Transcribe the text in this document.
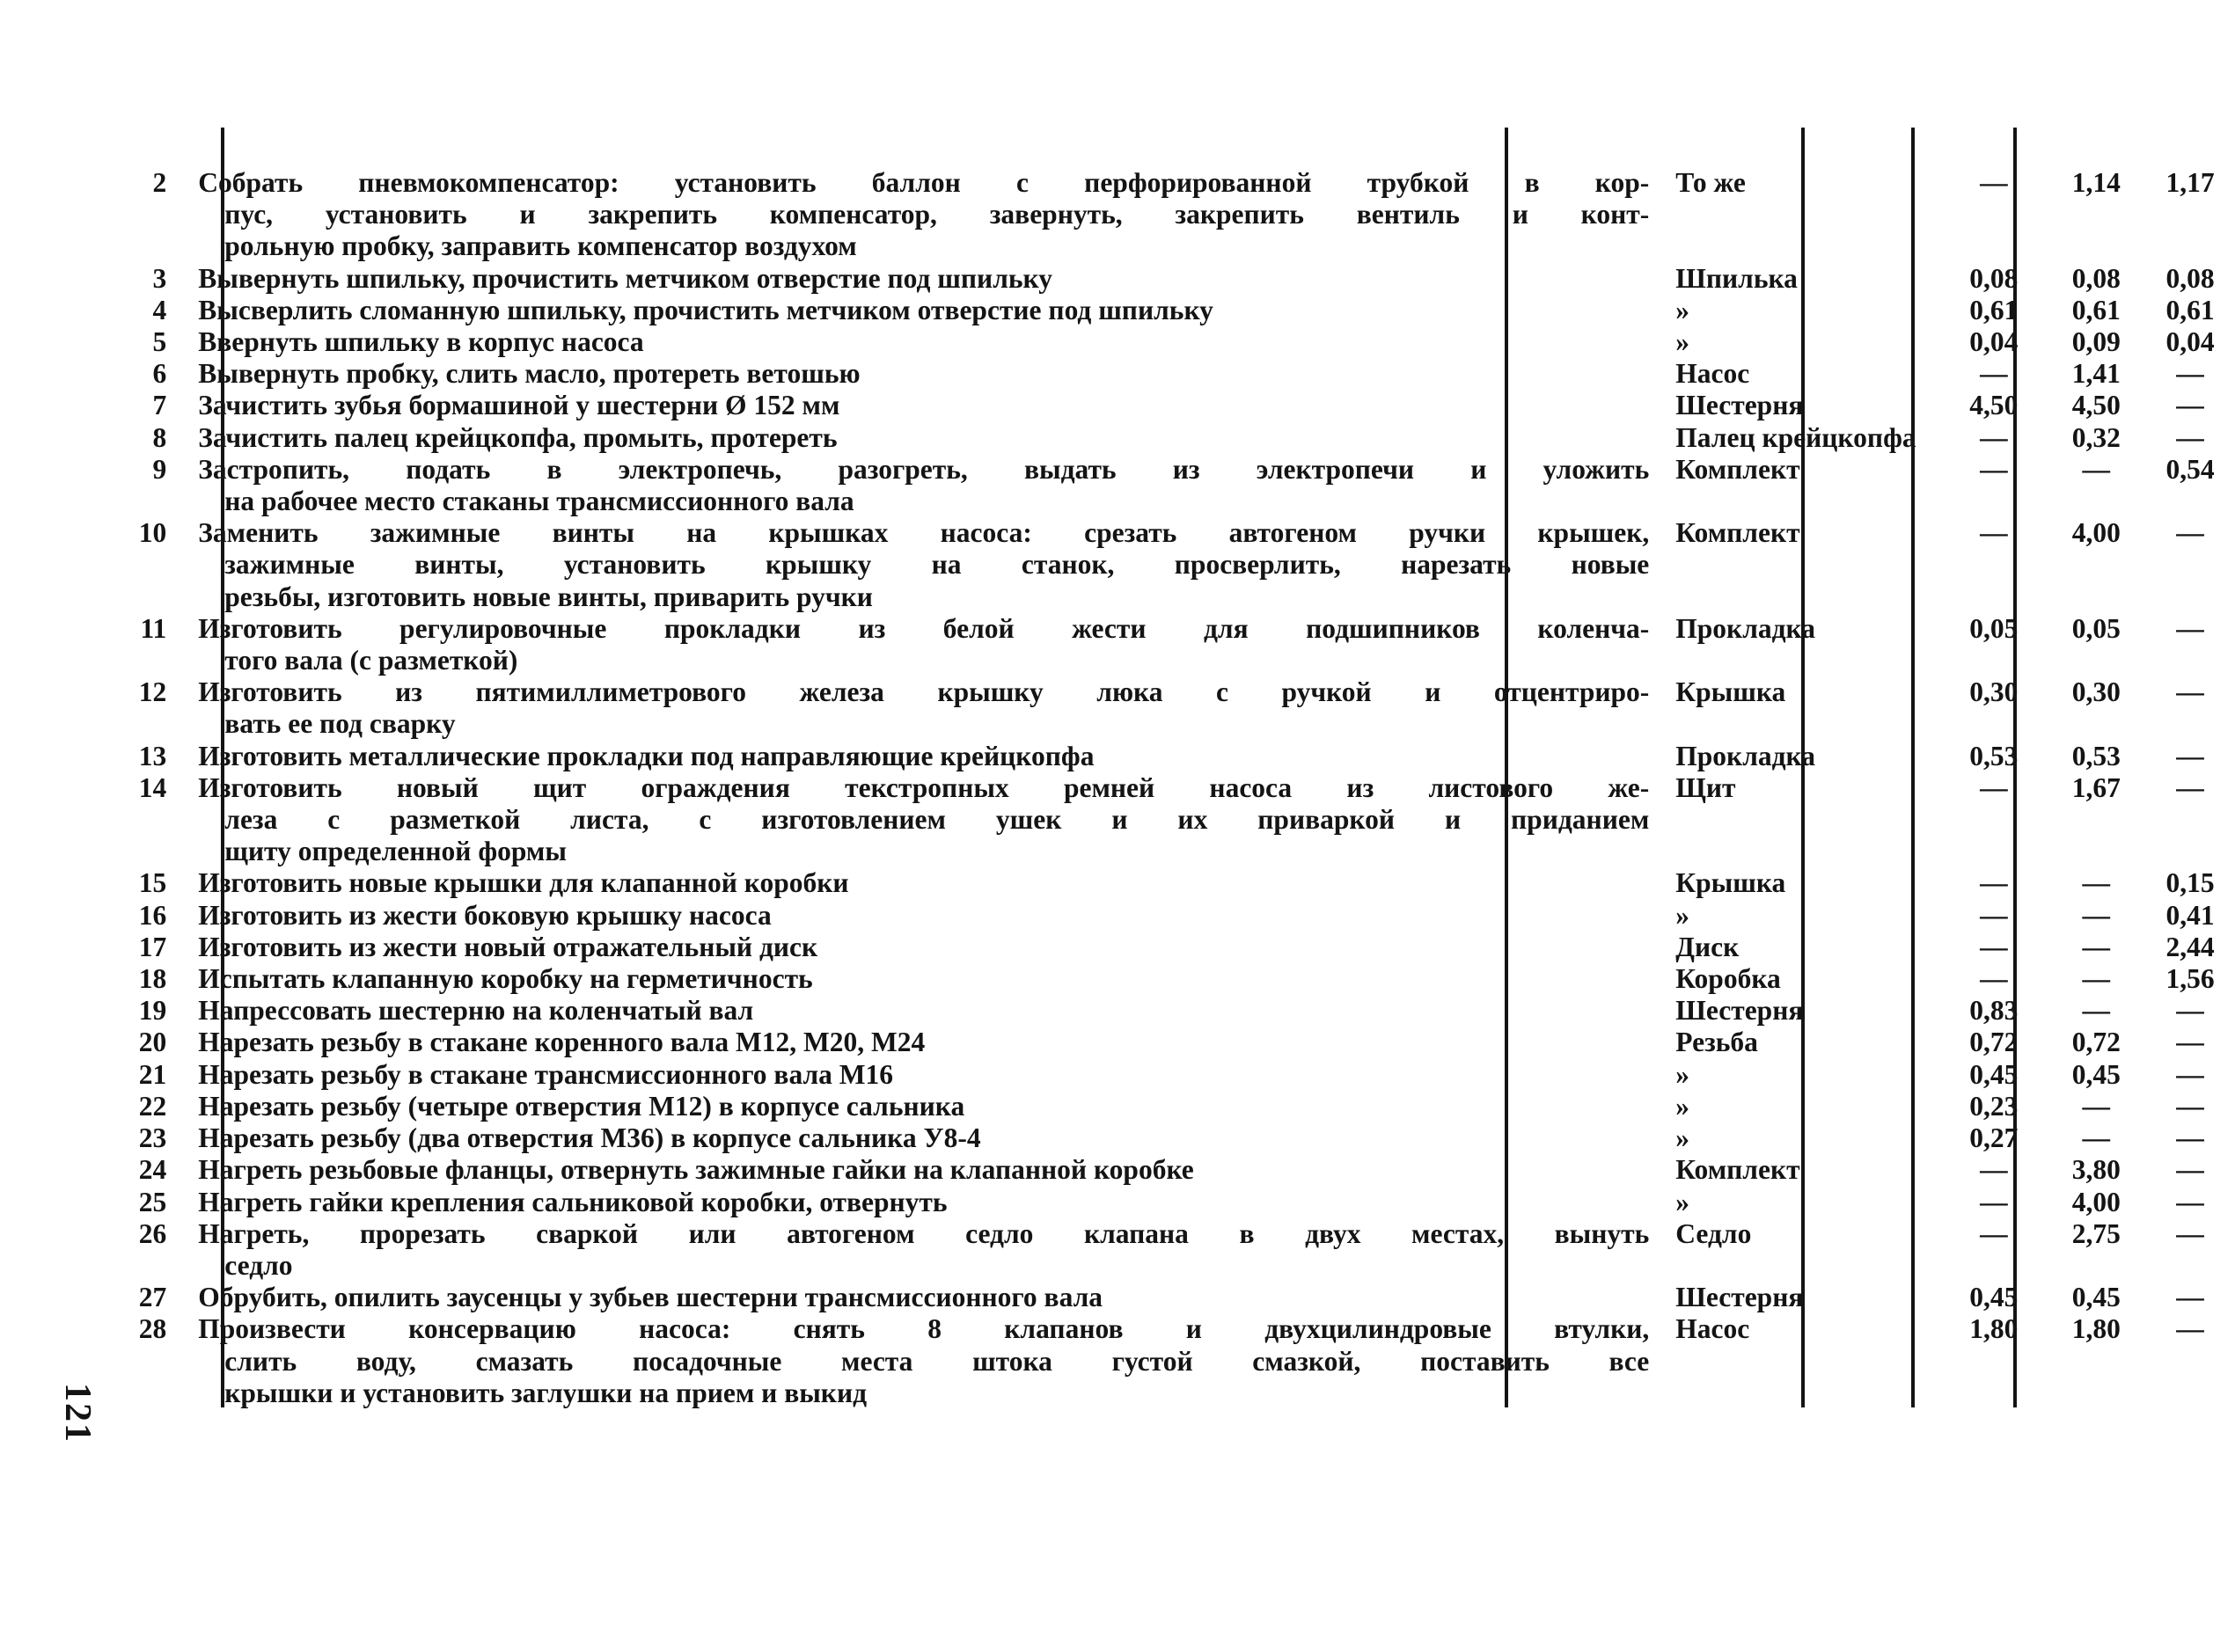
2	Собрать пневмокомпенсатор: установить баллон с перфорированной трубкой в кор-
пус, установить и закрепить компенсатор, завернуть, закрепить вентиль и конт-
рольную пробку, заправить компенсатор воздухом
То же	—	1,14	1,17
3	Вывернуть шпильку, прочистить метчиком отверстие под шпильку	Шпилька	0,08	0,08	0,08
4	Высверлить сломанную шпильку, прочистить метчиком отверстие под шпильку	»	0,61	0,61	0,61
5	Ввернуть шпильку в корпус насоса	»	0,04	0,09	0,04
6	Вывернуть пробку, слить масло, протереть ветошью	Насос	—	1,41	—
7	Зачистить зубья бормашиной у шестерни Ø 152 мм	Шестерня	4,50	4,50	—
8	Зачистить палец крейцкопфа, промыть, протереть	Палец крейцкопфа	—	0,32	—
9	Застропить, подать в электропечь, разогреть, выдать из электропечи и уложить
на рабочее место стаканы трансмиссионного вала
Комплект	—	—	0,54
10	Заменить зажимные винты на крышках насоса: срезать автогеном ручки крышек,
зажимные винты, установить крышку на станок, просверлить, нарезать новые
резьбы, изготовить новые винты, приварить ручки
Комплект	—	4,00	—
11	Изготовить регулировочные прокладки из белой жести для подшипников коленча-
того вала (с разметкой)
Прокладка	0,05	0,05	—
12	Изготовить из пятимиллиметрового железа крышку люка с ручкой и отцентриро-
вать ее под сварку
Крышка	0,30	0,30	—
13	Изготовить металлические прокладки под направляющие крейцкопфа	Прокладка	0,53	0,53	—
14	Изготовить новый щит ограждения текстропных ремней насоса из листового же-
леза с разметкой листа, с изготовлением ушек и их приваркой и приданием
щиту определенной формы
Щит	—	1,67	—
15	Изготовить новые крышки для клапанной коробки	Крышка	—	—	0,15
16	Изготовить из жести боковую крышку насоса	»	—	—	0,41
17	Изготовить из жести новый отражательный диск	Диск	—	—	2,44
18	Испытать клапанную коробку на герметичность	Коробка	—	—	1,56
19	Напрессовать шестерню на коленчатый вал	Шестерня	0,83	—	—
20	Нарезать резьбу в стакане коренного вала М12, М20, М24	Резьба	0,72	0,72	—
21	Нарезать резьбу в стакане трансмиссионного вала М16	»	0,45	0,45	—
22	Нарезать резьбу (четыре отверстия М12) в корпусе сальника	»	0,23	—	—
23	Нарезать резьбу (два отверстия М36) в корпусе сальника У8-4	»	0,27	—	—
24	Нагреть резьбовые фланцы, отвернуть зажимные гайки на клапанной коробке	Комплект	—	3,80	—
25	Нагреть гайки крепления сальниковой коробки, отвернуть	»	—	4,00	—
26	Нагреть, прорезать сваркой или автогеном седло клапана в двух местах, вынуть
седло
Седло	—	2,75	—
27	Обрубить, опилить заусенцы у зубьев шестерни трансмиссионного вала	Шестерня	0,45	0,45	—
28	Произвести консервацию насоса: снять 8 клапанов и двухцилиндровые втулки,
слить воду, смазать посадочные места штока густой смазкой, поставить все
крышки и установить заглушки на прием и выкид
Насос	1,80	1,80	—
121
